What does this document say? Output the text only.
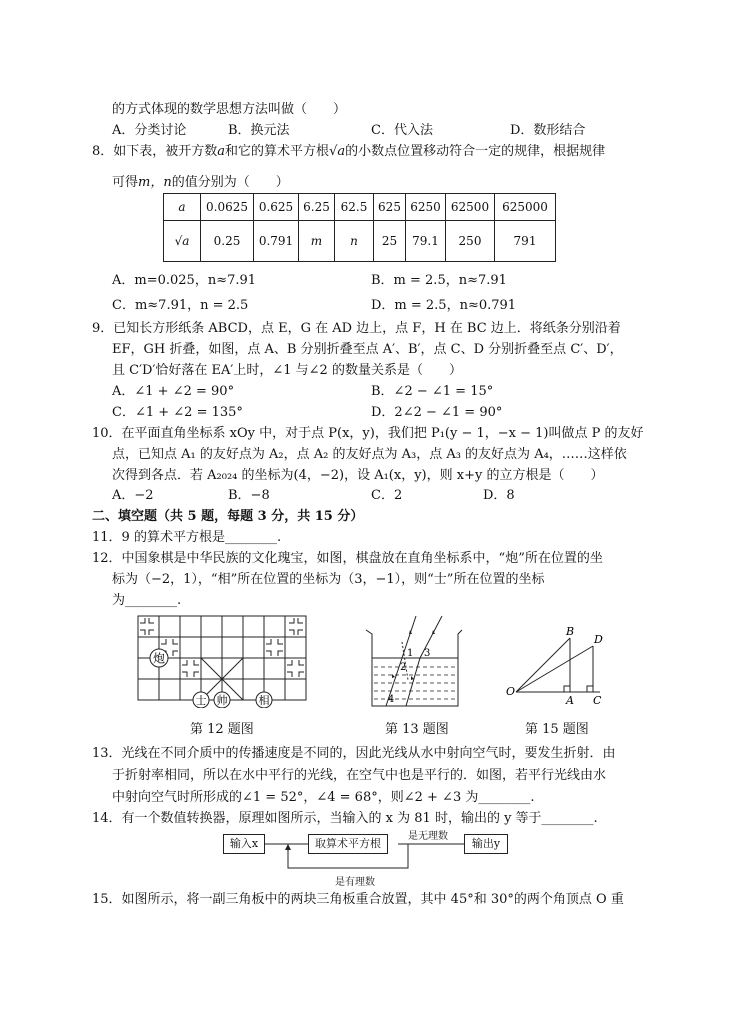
的方式体现的数学思想方法叫做（　　）
A．分类讨论	B．换元法	C．代入法	D．数形结合
8．如下表，被开方数a和它的算术平方根√a的小数点位置移动符合一定的规律，根据规律
可得m，n的值分别为（　　）
a	0.0625	0.625	6.25	62.5	625	6250	62500	625000
√a	0.25	0.791	m	n	25	79.1	250	791
A．m=0.025，n≈7.91	B．m = 2.5，n≈7.91
C．m≈7.91，n = 2.5	D．m = 2.5，n≈0.791
9．已知长方形纸条 ABCD，点 E，G 在 AD 边上，点 F，H 在 BC 边上．将纸条分别沿着
EF，GH 折叠，如图，点 A、B 分别折叠至点 A′、B′，点 C、D 分别折叠至点 C′、D′，
且 C′D′恰好落在 EA′上时，∠1 与∠2 的数量关系是（　　）
A．∠1 + ∠2 = 90°	B．∠2 − ∠1 = 15°
C．∠1 + ∠2 = 135°	D．2∠2 − ∠1 = 90°
10．在平面直角坐标系 xOy 中，对于点 P(x，y)，我们把 P₁(y − 1，−x − 1)叫做点 P 的友好
点，已知点 A₁ 的友好点为 A₂，点 A₂ 的友好点为 A₃，点 A₃ 的友好点为 A₄，……这样依
次得到各点．若 A₂₀₂₄ 的坐标为(4，−2)，设 A₁(x，y)，则 x+y 的立方根是（　　）
A．−2	B．−8	C．2	D．8
二、填空题（共 5 题，每题 3 分，共 15 分）
11．9 的算术平方根是________.
12．中国象棋是中华民族的文化瑰宝，如图，棋盘放在直角坐标系中，“炮”所在位置的坐
标为（−2，1），“相”所在位置的坐标为（3，−1），则“士”所在位置的坐标
为________.
炮
士 帅	相
1
2
3
4
B
D
O
A C
第 12 题图	第 13 题图	第 15 题图
13．光线在不同介质中的传播速度是不同的，因此光线从水中射向空气时，要发生折射．由
于折射率相同，所以在水中平行的光线，在空气中也是平行的．如图，若平行光线由水
中射向空气时所形成的∠1 = 52°，∠4 = 68°，则∠2 + ∠3 为________.
14．有一个数值转换器，原理如图所示，当输入的 x 为 81 时，输出的 y 等于________.
输入x	取算术平方根	输出y
是无理数
是有理数
15．如图所示，将一副三角板中的两块三角板重合放置，其中 45°和 30°的两个角顶点 O 重
